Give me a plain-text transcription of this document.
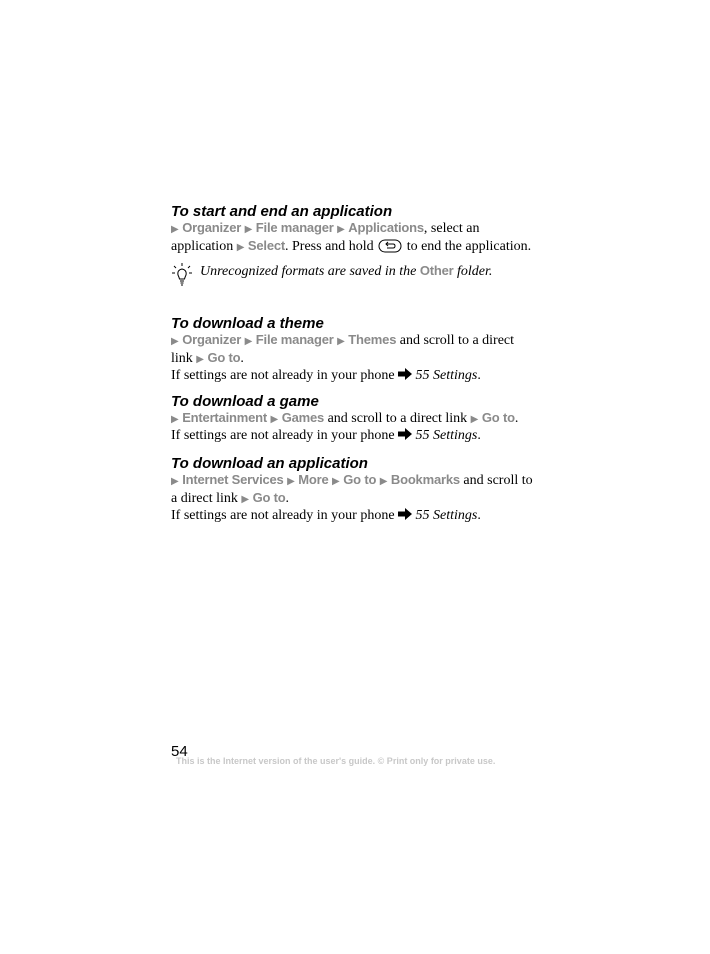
To start and end an application

▶ Organizer ▶ File manager ▶ Applications, select an
application ▶ Select. Press and hold to end the application.
Unrecognized formats are saved in the Other folder.

To download a theme

▶ Organizer ▶ File manager ▶ Themes and scroll to a direct
link ▶ Go to.
If settings are not already in your phone 55 Settings.

To download a game

▶ Entertainment ▶ Games and scroll to a direct link ▶ Go to.
If settings are not already in your phone 55 Settings.

To download an application

▶ Internet Services ▶ More ▶ Go to ▶ Bookmarks and scroll to
a direct link ▶ Go to.
If settings are not already in your phone 55 Settings.
54
This is the Internet version of the user's guide. © Print only for private use.
